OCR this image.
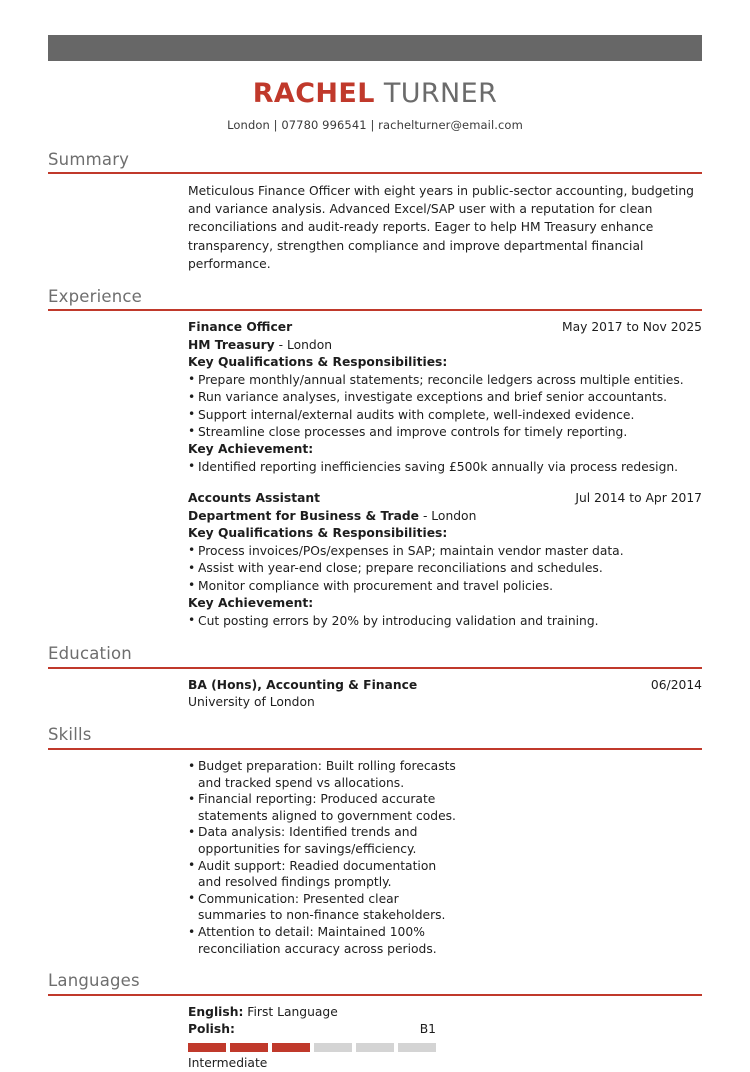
RACHEL TURNER
London | 07780 996541 | rachelturner@email.com
Summary
Meticulous Finance Officer with eight years in public-sector accounting, budgeting and variance analysis. Advanced Excel/SAP user with a reputation for clean reconciliations and audit-ready reports. Eager to help HM Treasury enhance transparency, strengthen compliance and improve departmental financial performance.
Experience
Finance Officer	May 2017 to Nov 2025
HM Treasury - London
Key Qualifications & Responsibilities:
• Prepare monthly/annual statements; reconcile ledgers across multiple entities.
• Run variance analyses, investigate exceptions and brief senior accountants.
• Support internal/external audits with complete, well-indexed evidence.
• Streamline close processes and improve controls for timely reporting.
Key Achievement:
• Identified reporting inefficiencies saving £500k annually via process redesign.
Accounts Assistant	Jul 2014 to Apr 2017
Department for Business & Trade - London
Key Qualifications & Responsibilities:
• Process invoices/POs/expenses in SAP; maintain vendor master data.
• Assist with year-end close; prepare reconciliations and schedules.
• Monitor compliance with procurement and travel policies.
Key Achievement:
• Cut posting errors by 20% by introducing validation and training.
Education
BA (Hons), Accounting & Finance	06/2014
University of London
Skills
• Budget preparation: Built rolling forecasts and tracked spend vs allocations.
• Financial reporting: Produced accurate statements aligned to government codes.
• Data analysis: Identified trends and opportunities for savings/efficiency.
• Audit support: Readied documentation and resolved findings promptly.
• Communication: Presented clear summaries to non-finance stakeholders.
• Attention to detail: Maintained 100% reconciliation accuracy across periods.
Languages
English: First Language
Polish:	B1
Intermediate
